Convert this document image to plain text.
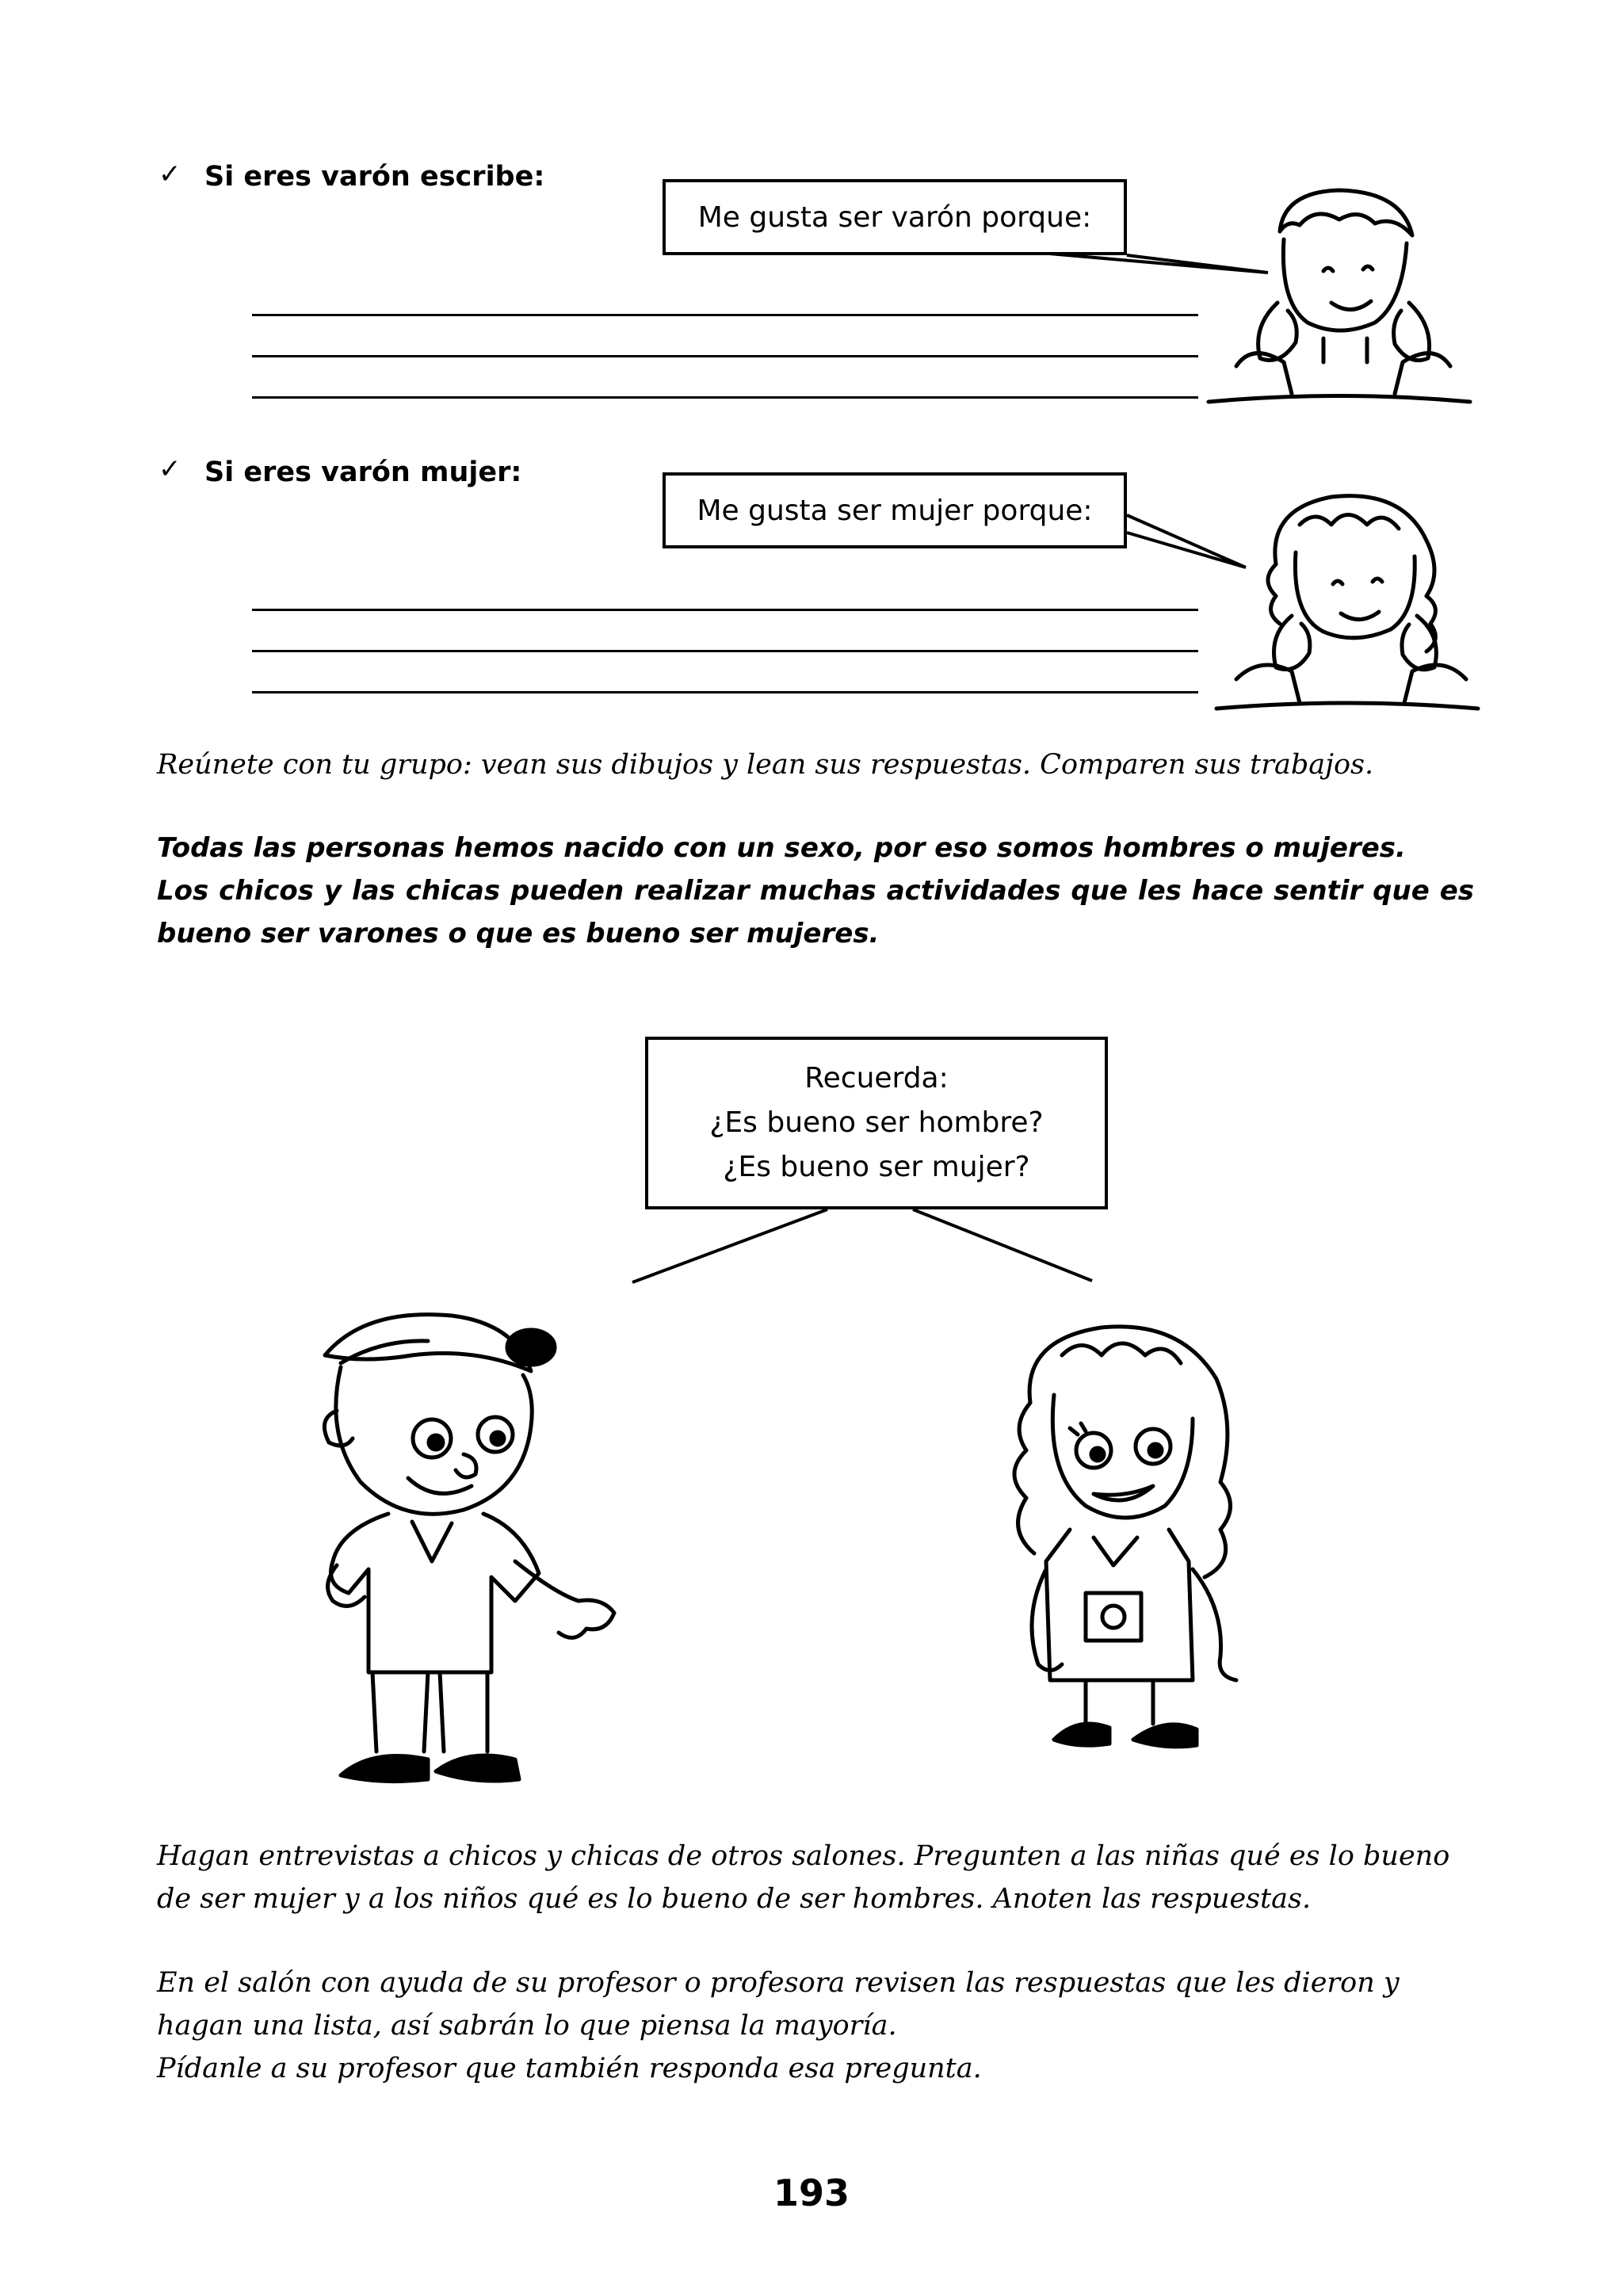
✓ Si eres varón escribe:
Me gusta ser varón porque:
✓ Si eres varón mujer:
Me gusta ser mujer porque:
Reúnete con tu grupo: vean sus dibujos y lean sus respuestas. Comparen sus trabajos.
Todas las personas hemos nacido con un sexo, por eso somos hombres o mujeres.
Los chicos y las chicas pueden realizar muchas actividades que les hace sentir que es bueno ser varones o que es bueno ser mujeres.
Recuerda:
¿Es bueno ser hombre?
¿Es bueno ser mujer?
Hagan entrevistas a chicos y chicas de otros salones. Pregunten a las niñas qué es lo bueno de ser mujer y a los niños qué es lo bueno de ser hombres. Anoten las respuestas.
En el salón con ayuda de su profesor o profesora revisen las respuestas que les dieron y hagan una lista, así sabrán lo que piensa la mayoría.
Pídanle a su profesor que también responda esa pregunta.
193
